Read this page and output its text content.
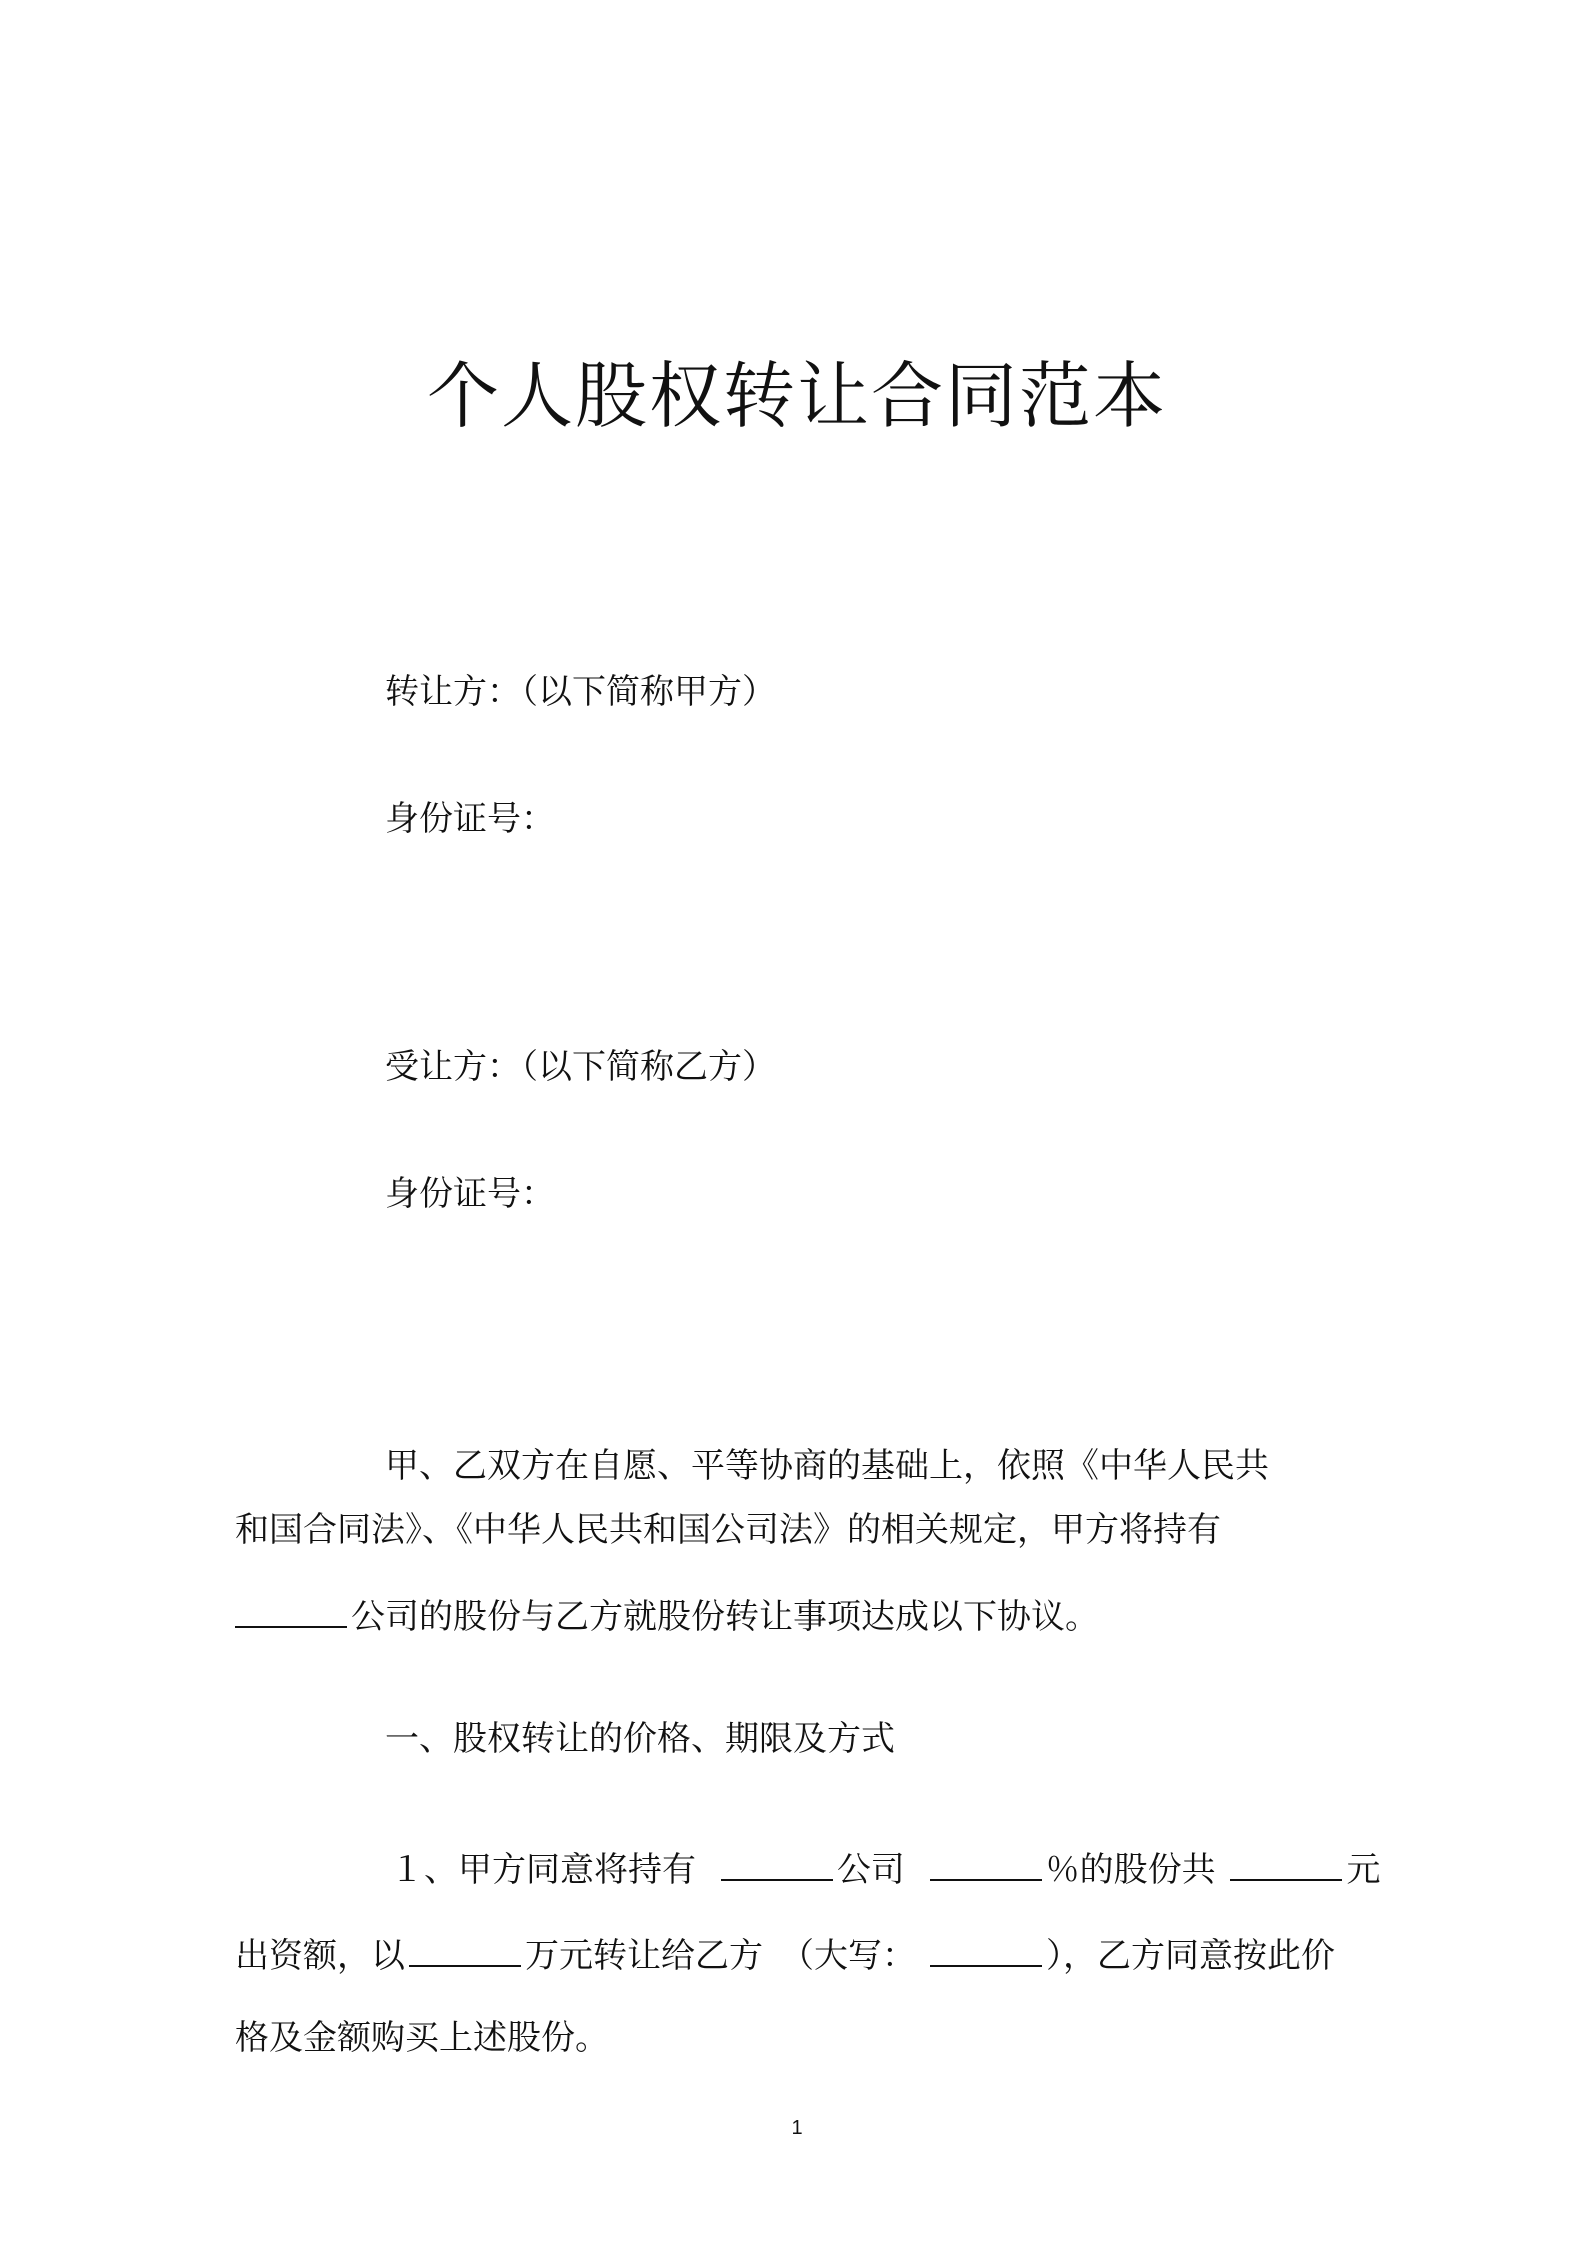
个人股权转让合同范本
转让方：（以下简称甲方）
身份证号：
受让方：（以下简称乙方）
身份证号：
甲、乙双方在自愿、平等协商的基础上，依照《中华人民共
和国合同法》、《中华人民共和国公司法》的相关规定，甲方将持有
公司的股份与乙方就股份转让事项达成以下协议。
一、股权转让的价格、期限及方式
１、甲方同意将持有	公司	％的股份共	元
出资额，以	万元转让给乙方　（大写：	），乙方同意按此价
格及金额购买上述股份。
1
